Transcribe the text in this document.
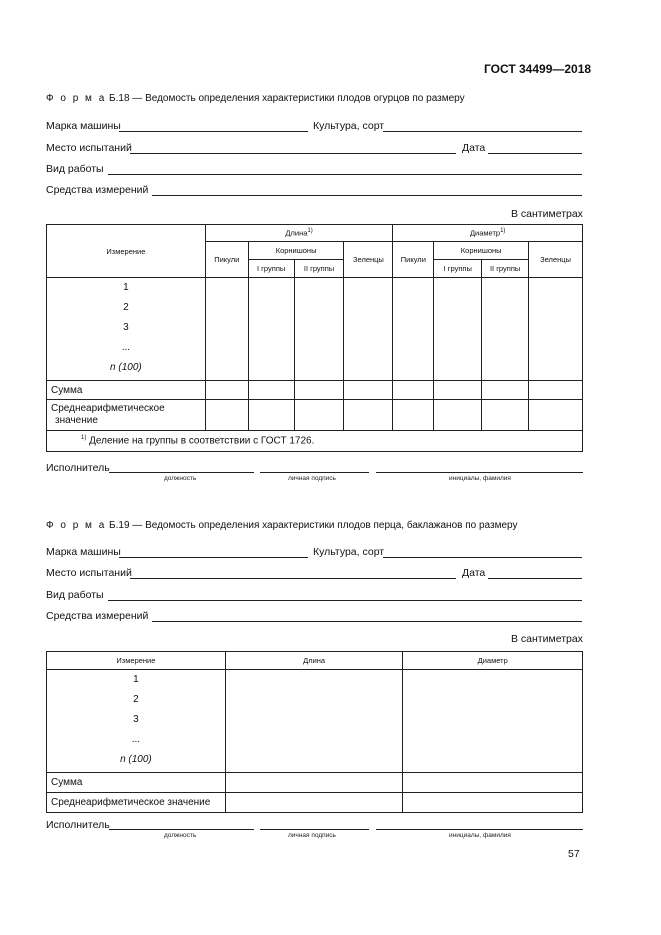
ГОСТ 34499—2018
Ф о р м а Б.18 — Ведомость определения характеристики плодов огурцов по размеру
Марка машины	Культура, сорт
Место испытаний	Дата
Вид работы
Средства измерений
В сантиметрах
Измерение	Длина$^{1)}$				Диаметр$^{1)}$
	Пикули	Корнишоны		Зеленцы	Пикули	Корнишоны		Зеленцы
		I группы	II группы			I группы	II группы	

1
2
3
...
n (100)								

Сумма								

Среднеарифметическое
значение								

$^{1)}$ Деление на группы в соответствии с ГОСТ 1726.								
Исполнитель
должность	личная подпись	инициалы, фамилия
Ф о р м а Б.19 — Ведомость определения характеристики плодов перца, баклажанов по размеру
Марка машины	Культура, сорт
Место испытаний	Дата
Вид работы
Средства измерений
В сантиметрах
Измерение	Длина	Диаметр

1
2
3
...
n (100)		

Сумма		
Среднеарифметическое значение		
Исполнитель
должность	личная подпись	инициалы, фамилия
57
